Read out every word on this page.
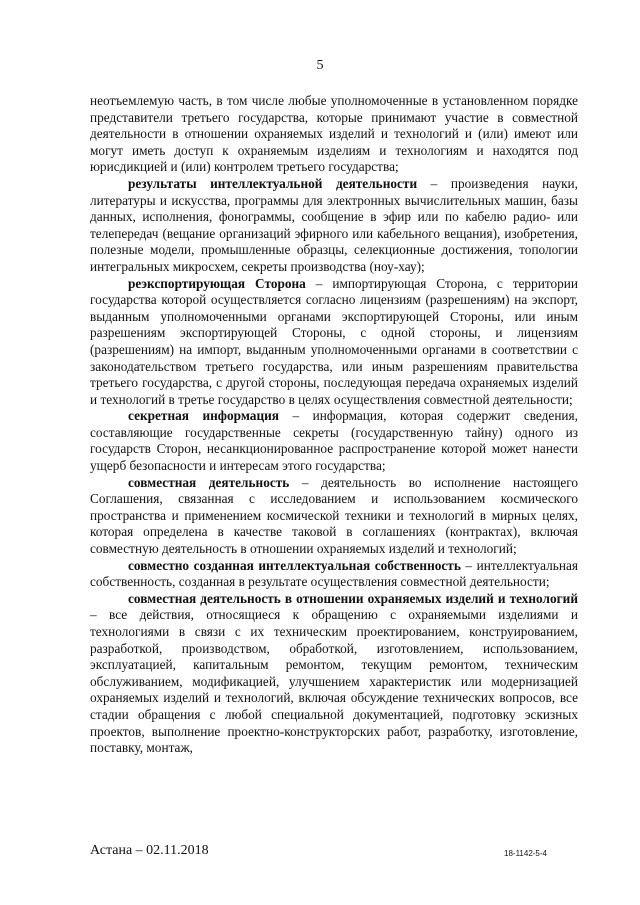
5

неотъемлемую часть, в том числе любые уполномоченные в установленном порядке представители третьего государства, которые принимают участие в совместной деятельности в отношении охраняемых изделий и технологий и (или) имеют или могут иметь доступ к охраняемым изделиям и технологиям и находятся под юрисдикцией и (или) контролем третьего государства;

результаты интеллектуальной деятельности – произведения науки, литературы и искусства, программы для электронных вычислительных машин, базы данных, исполнения, фонограммы, сообщение в эфир или по кабелю радио- или телепередач (вещание организаций эфирного или кабельного вещания), изобретения, полезные модели, промышленные образцы, селекционные достижения, топологии интегральных микросхем, секреты производства (ноу-хау);

реэкспортирующая Сторона – импортирующая Сторона, с территории государства которой осуществляется согласно лицензиям (разрешениям) на экспорт, выданным уполномоченными органами экспортирующей Стороны, или иным разрешениям экспортирующей Стороны, с одной стороны, и лицензиям (разрешениям) на импорт, выданным уполномоченными органами в соответствии с законодательством третьего государства, или иным разрешениям правительства третьего государства, с другой стороны, последующая передача охраняемых изделий и технологий в третье государство в целях осуществления совместной деятельности;

секретная информация – информация, которая содержит сведения, составляющие государственные секреты (государственную тайну) одного из государств Сторон, несанкционированное распространение которой может нанести ущерб безопасности и интересам этого государства;

совместная деятельность – деятельность во исполнение настоящего Соглашения, связанная с исследованием и использованием космического пространства и применением космической техники и технологий в мирных целях, которая определена в качестве таковой в соглашениях (контрактах), включая совместную деятельность в отношении охраняемых изделий и технологий;

совместно созданная интеллектуальная собственность – интеллектуальная собственность, созданная в результате осуществления совместной деятельности;

совместная деятельность в отношении охраняемых изделий и технологий – все действия, относящиеся к обращению с охраняемыми изделиями и технологиями в связи с их техническим проектированием, конструированием, разработкой, производством, обработкой, изготовлением, использованием, эксплуатацией, капитальным ремонтом, текущим ремонтом, техническим обслуживанием, модификацией, улучшением характеристик или модернизацией охраняемых изделий и технологий, включая обсуждение технических вопросов, все стадии обращения с любой специальной документацией, подготовку эскизных проектов, выполнение проектно-конструкторских работ, разработку, изготовление, поставку, монтаж,

Астана – 02.11.2018	18-1142-5-4
